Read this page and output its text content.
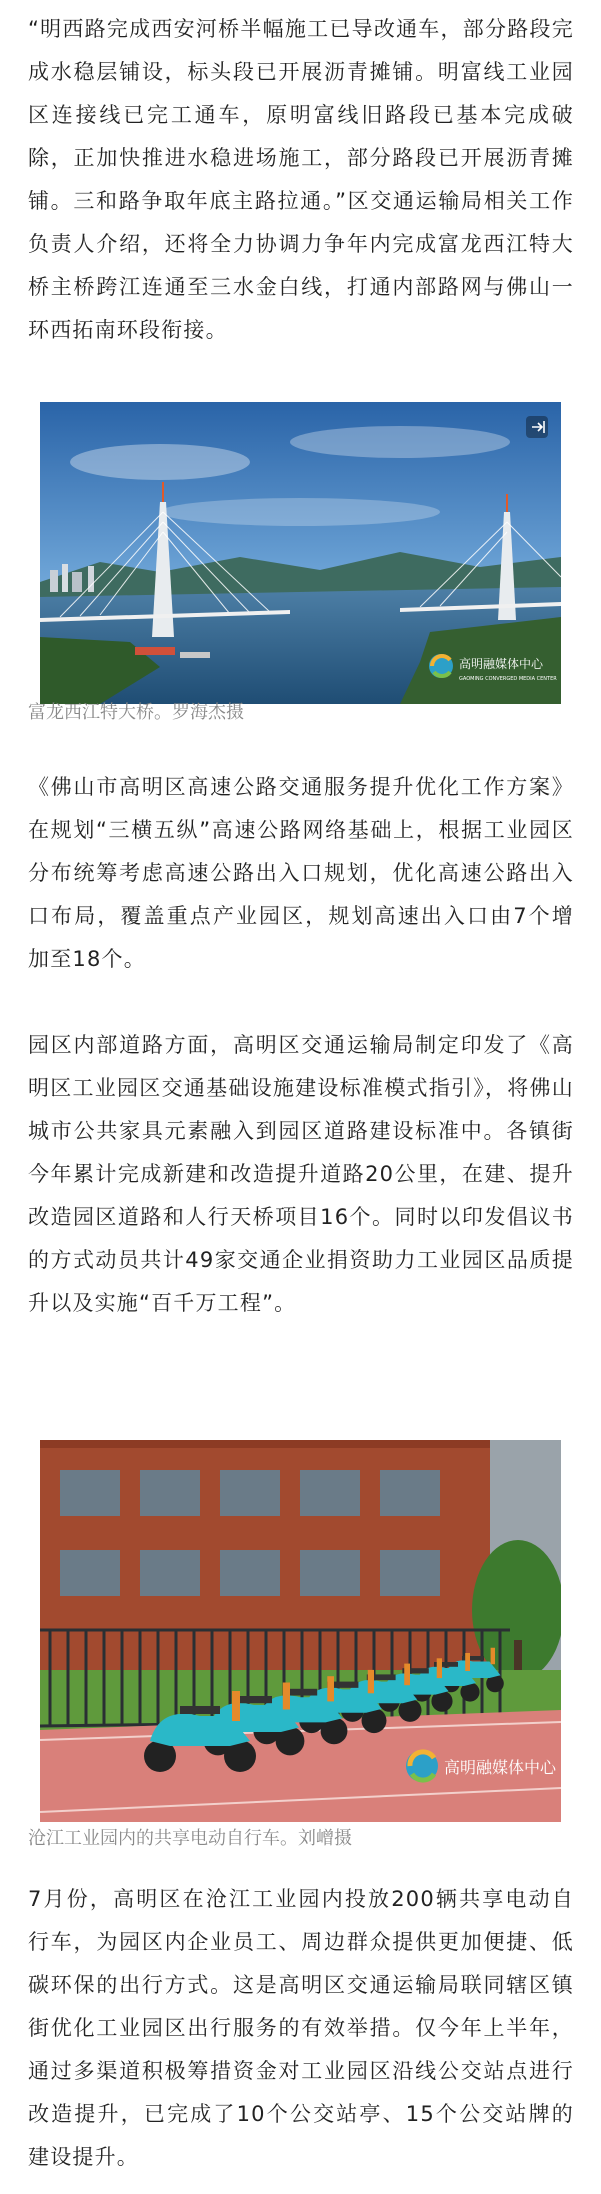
“明西路完成西安河桥半幅施工已导改通车，部分路段完成水稳层铺设，标头段已开展沥青摊铺。明富线工业园区连接线已完工通车，原明富线旧路段已基本完成破除，正加快推进水稳进场施工，部分路段已开展沥青摊铺。三和路争取年底主路拉通。”区交通运输局相关工作负责人介绍，还将全力协调力争年内完成富龙西江特大桥主桥跨江连通至三水金白线，打通内部路网与佛山一环西拓南环段衔接。

高明融媒体中心
GAOMING CONVERGED MEDIA CENTER

富龙西江特大桥。罗海杰摄

《佛山市高明区高速公路交通服务提升优化工作方案》在规划“三横五纵”高速公路网络基础上，根据工业园区分布统筹考虑高速公路出入口规划，优化高速公路出入口布局，覆盖重点产业园区，规划高速出入口由7个增加至18个。

园区内部道路方面，高明区交通运输局制定印发了《高明区工业园区交通基础设施建设标准模式指引》，将佛山城市公共家具元素融入到园区道路建设标准中。各镇街今年累计完成新建和改造提升道路20公里，在建、提升改造园区道路和人行天桥项目16个。同时以印发倡议书的方式动员共计49家交通企业捐资助力工业园区品质提升以及实施“百千万工程”。

高明融媒体中心

沧江工业园内的共享电动自行车。刘嶒摄

7月份，高明区在沧江工业园内投放200辆共享电动自行车，为园区内企业员工、周边群众提供更加便捷、低碳环保的出行方式。这是高明区交通运输局联同辖区镇街优化工业园区出行服务的有效举措。仅今年上半年，通过多渠道积极筹措资金对工业园区沿线公交站点进行改造提升，已完成了10个公交站亭、15个公交站牌的建设提升。
